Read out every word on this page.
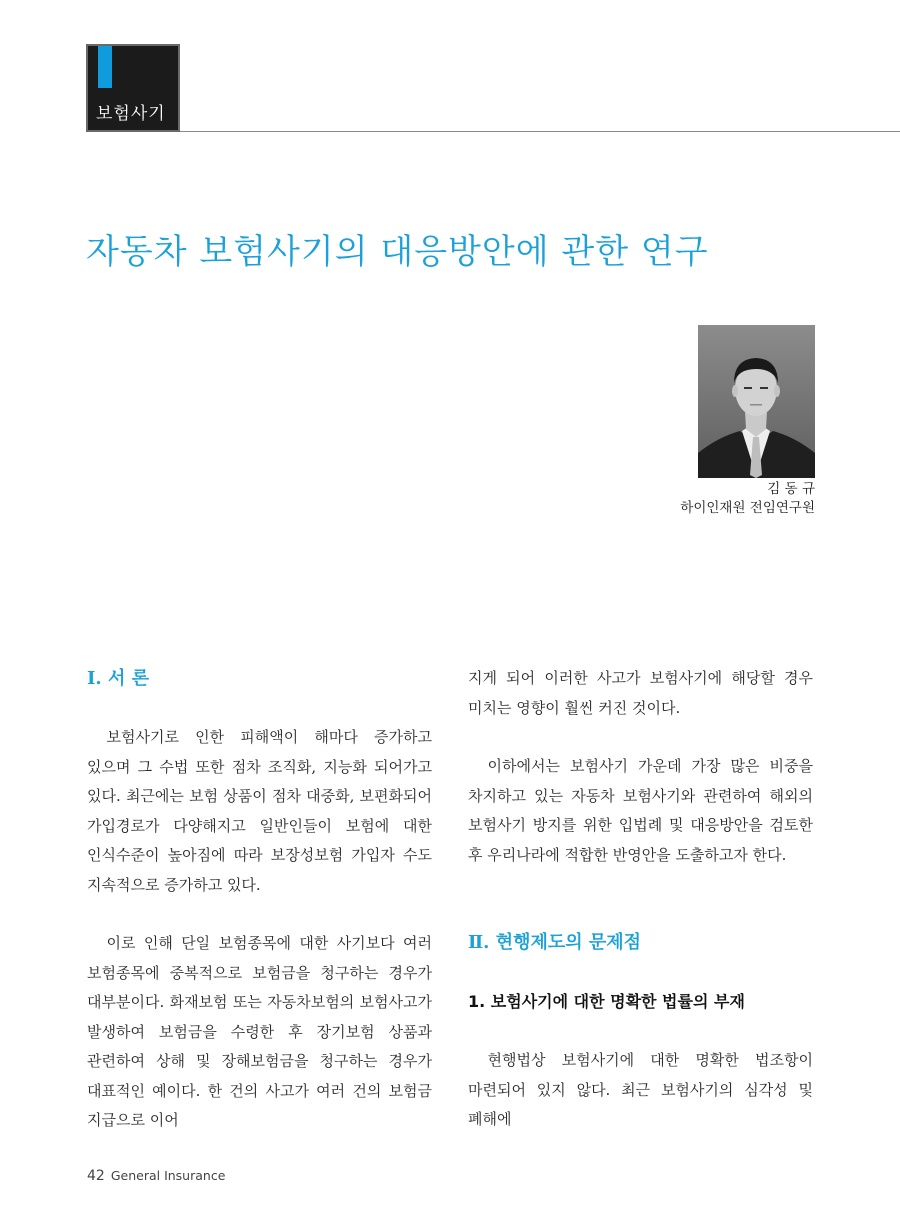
보험사기
자동차 보험사기의 대응방안에 관한 연구
김 동 규
하이인재원 전임연구원
Ⅰ. 서 론

보험사기로 인한 피해액이 해마다 증가하고 있으며 그 수법 또한 점차 조직화, 지능화 되어가고 있다. 최근에는 보험 상품이 점차 대중화, 보편화되어 가입경로가 다양해지고 일반인들이 보험에 대한 인식수준이 높아짐에 따라 보장성보험 가입자 수도 지속적으로 증가하고 있다.

이로 인해 단일 보험종목에 대한 사기보다 여러 보험종목에 중복적으로 보험금을 청구하는 경우가 대부분이다. 화재보험 또는 자동차보험의 보험사고가 발생하여 보험금을 수령한 후 장기보험 상품과 관련하여 상해 및 장해보험금을 청구하는 경우가 대표적인 예이다. 한 건의 사고가 여러 건의 보험금 지급으로 이어

지게 되어 이러한 사고가 보험사기에 해당할 경우 미치는 영향이 훨씬 커진 것이다.

이하에서는 보험사기 가운데 가장 많은 비중을 차지하고 있는 자동차 보험사기와 관련하여 해외의 보험사기 방지를 위한 입법례 및 대응방안을 검토한 후 우리나라에 적합한 반영안을 도출하고자 한다.

Ⅱ. 현행제도의 문제점
1. 보험사기에 대한 명확한 법률의 부재

현행법상 보험사기에 대한 명확한 법조항이 마련되어 있지 않다. 최근 보험사기의 심각성 및 폐해에

42 General Insurance
